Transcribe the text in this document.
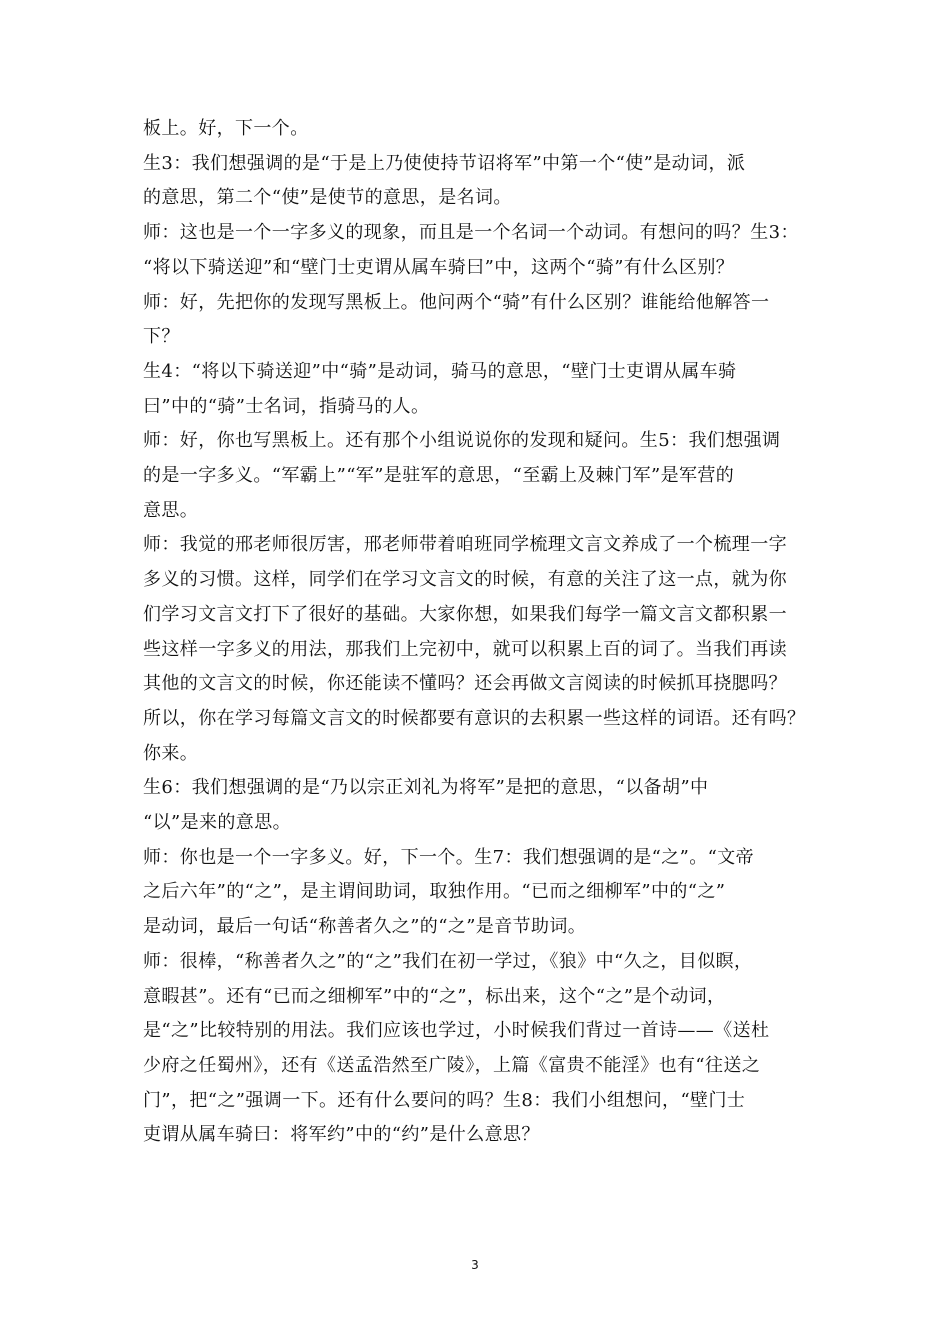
板上。好，下一个。
生3：我们想强调的是“于是上乃使使持节诏将军”中第一个“使”是动词，派
的意思，第二个“使”是使节的意思，是名词。
师：这也是一个一字多义的现象，而且是一个名词一个动词。有想问的吗？生3：
“将以下骑送迎”和“壁门士吏谓从属车骑曰”中，这两个“骑”有什么区别？
师：好，先把你的发现写黑板上。他问两个“骑”有什么区别？谁能给他解答一
下？
生4：“将以下骑送迎”中“骑”是动词，骑马的意思，“壁门士吏谓从属车骑
曰”中的“骑”士名词，指骑马的人。
师：好，你也写黑板上。还有那个小组说说你的发现和疑问。生5：我们想强调
的是一字多义。“军霸上”“军”是驻军的意思，“至霸上及棘门军”是军营的
意思。
师：我觉的邢老师很厉害，邢老师带着咱班同学梳理文言文养成了一个梳理一字
多义的习惯。这样，同学们在学习文言文的时候，有意的关注了这一点，就为你
们学习文言文打下了很好的基础。大家你想，如果我们每学一篇文言文都积累一
些这样一字多义的用法，那我们上完初中，就可以积累上百的词了。当我们再读
其他的文言文的时候，你还能读不懂吗？还会再做文言阅读的时候抓耳挠腮吗？
所以，你在学习每篇文言文的时候都要有意识的去积累一些这样的词语。还有吗？
你来。
生6：我们想强调的是“乃以宗正刘礼为将军”是把的意思，“以备胡”中
“以”是来的意思。
师：你也是一个一字多义。好，下一个。生7：我们想强调的是“之”。“文帝
之后六年”的“之”，是主谓间助词，取独作用。“已而之细柳军”中的“之”
是动词，最后一句话“称善者久之”的“之”是音节助词。
师：很棒，“称善者久之”的“之”我们在初一学过，《狼》中“久之，目似瞑，
意暇甚”。还有“已而之细柳军”中的“之”，标出来，这个“之”是个动词，
是“之”比较特别的用法。我们应该也学过，小时候我们背过一首诗——《送杜
少府之任蜀州》，还有《送孟浩然至广陵》，上篇《富贵不能淫》也有“往送之
门”，把“之”强调一下。还有什么要问的吗？生8：我们小组想问，“壁门士
吏谓从属车骑曰：将军约”中的“约”是什么意思？
3
